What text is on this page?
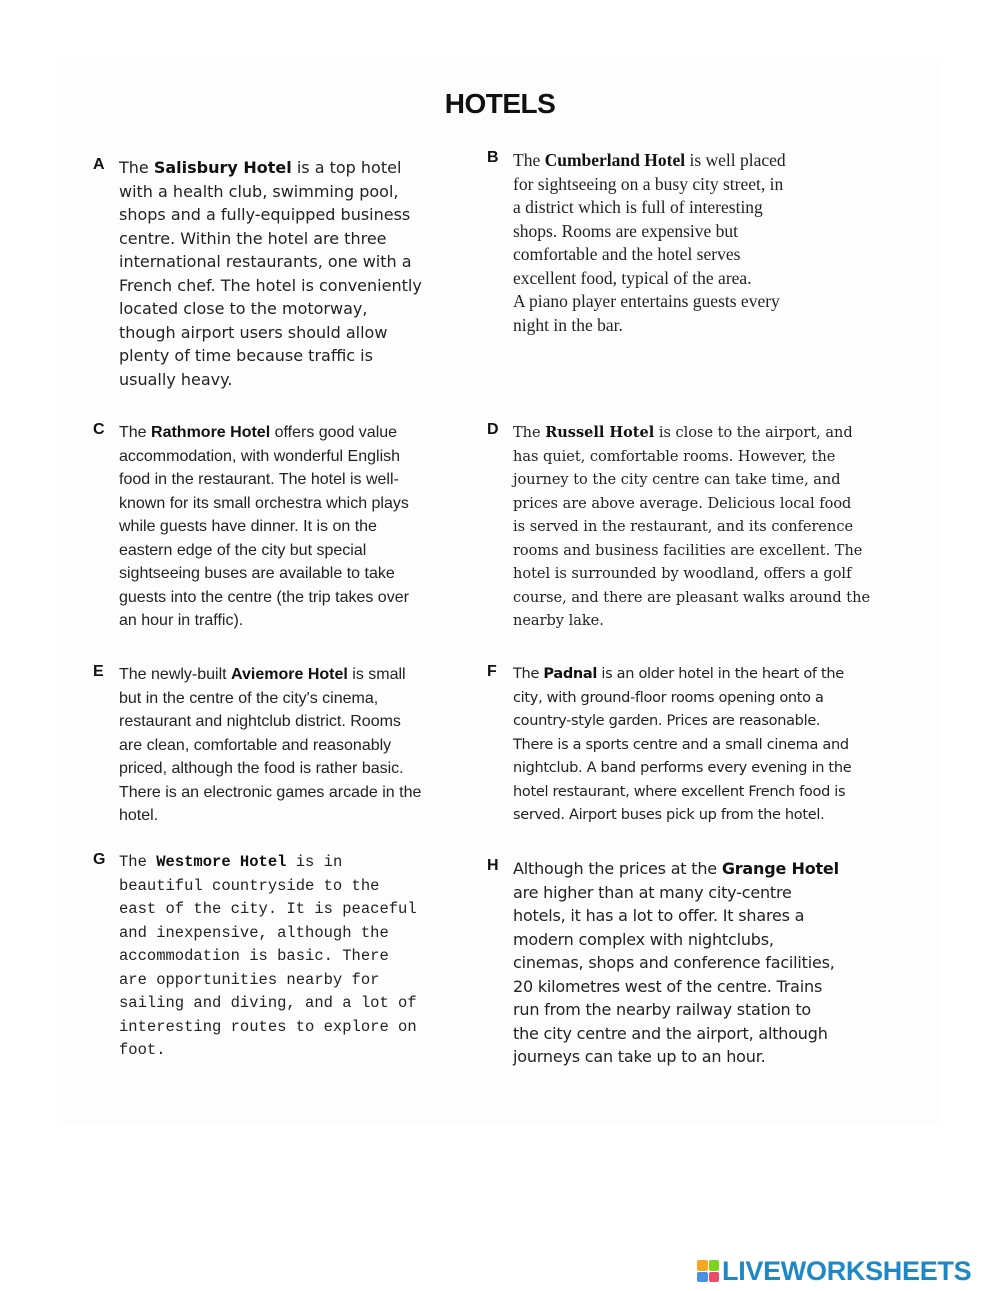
HOTELS
A The Salisbury Hotel is a top hotel
with a health club, swimming pool,
shops and a fully-equipped business
centre. Within the hotel are three
international restaurants, one with a
French chef. The hotel is conveniently
located close to the motorway,
though airport users should allow
plenty of time because traffic is
usually heavy.
B The Cumberland Hotel is well placed
for sightseeing on a busy city street, in
a district which is full of interesting
shops. Rooms are expensive but
comfortable and the hotel serves
excellent food, typical of the area.
A piano player entertains guests every
night in the bar.
C The Rathmore Hotel offers good value
accommodation, with wonderful English
food in the restaurant. The hotel is well-
known for its small orchestra which plays
while guests have dinner. It is on the
eastern edge of the city but special
sightseeing buses are available to take
guests into the centre (the trip takes over
an hour in traffic).
D The Russell Hotel is close to the airport, and
has quiet, comfortable rooms. However, the
journey to the city centre can take time, and
prices are above average. Delicious local food
is served in the restaurant, and its conference
rooms and business facilities are excellent. The
hotel is surrounded by woodland, offers a golf
course, and there are pleasant walks around the
nearby lake.
E The newly-built Aviemore Hotel is small
but in the centre of the city's cinema,
restaurant and nightclub district. Rooms
are clean, comfortable and reasonably
priced, although the food is rather basic.
There is an electronic games arcade in the
hotel.
F The Padnal is an older hotel in the heart of the
city, with ground-floor rooms opening onto a
country-style garden. Prices are reasonable.
There is a sports centre and a small cinema and
nightclub. A band performs every evening in the
hotel restaurant, where excellent French food is
served. Airport buses pick up from the hotel.
G The Westmore Hotel is in
beautiful countryside to the
east of the city. It is peaceful
and inexpensive, although the
accommodation is basic. There
are opportunities nearby for
sailing and diving, and a lot of
interesting routes to explore on
foot.
H Although the prices at the Grange Hotel
are higher than at many city-centre
hotels, it has a lot to offer. It shares a
modern complex with nightclubs,
cinemas, shops and conference facilities,
20 kilometres west of the centre. Trains
run from the nearby railway station to
the city centre and the airport, although
journeys can take up to an hour.
LIVEWORKSHEETS
